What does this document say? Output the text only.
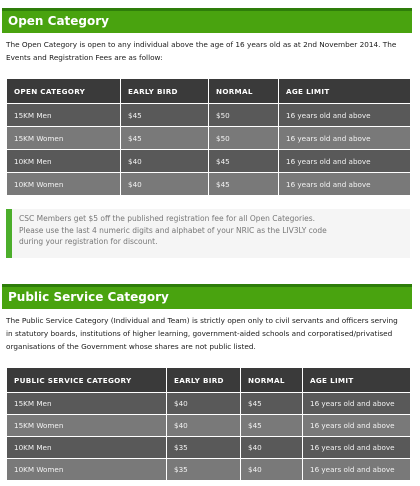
Open Category
The Open Category is open to any individual above the age of 16 years old as at 2nd November 2014. The
Events and Registration Fees are as follow:
OPEN CATEGORY	EARLY BIRD	NORMAL	AGE LIMIT
15KM Men	$45	$50	16 years old and above
15KM Women	$45	$50	16 years old and above
10KM Men	$40	$45	16 years old and above
10KM Women	$40	$45	16 years old and above

CSC Members get $5 off the published registration fee for all Open Categories.

Please use the last 4 numeric digits and alphabet of your NRIC as the LIV3LY code

during your registration for discount.

Public Service Category
The Public Service Category (Individual and Team) is strictly open only to civil servants and officers serving
in statutory boards, institutions of higher learning, government-aided schools and corporatised/privatised
organisations of the Government whose shares are not public listed.
PUBLIC SERVICE CATEGORY	EARLY BIRD	NORMAL	AGE LIMIT
15KM Men	$40	$45	16 years old and above
15KM Women	$40	$45	16 years old and above
10KM Men	$35	$40	16 years old and above
10KM Women	$35	$40	16 years old and above
